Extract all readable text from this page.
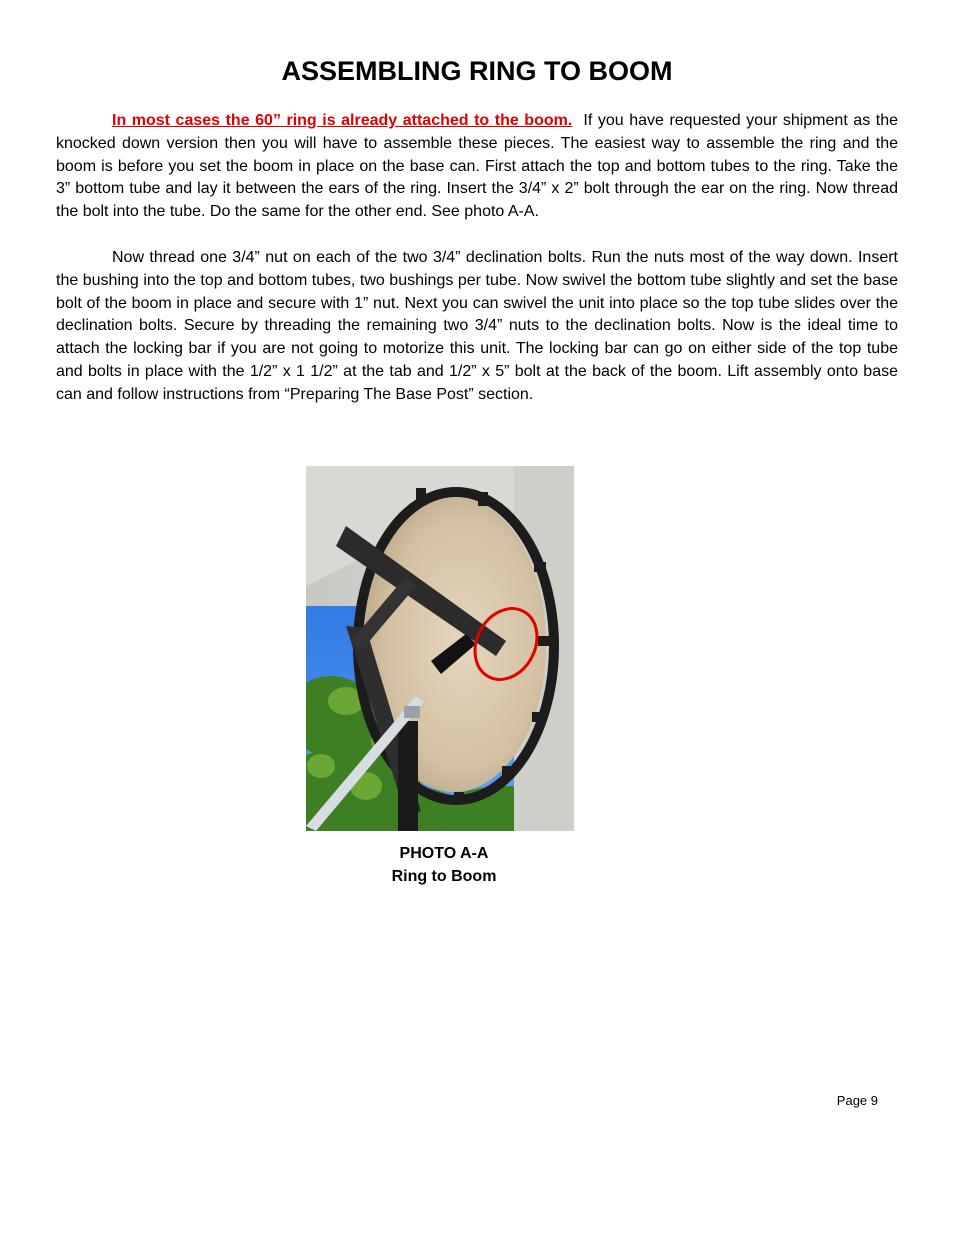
ASSEMBLING RING TO BOOM
In most cases the 60” ring is already attached to the boom. If you have requested your shipment as the knocked down version then you will have to assemble these pieces. The easiest way to assemble the ring and the boom is before you set the boom in place on the base can. First attach the top and bottom tubes to the ring. Take the 3” bottom tube and lay it between the ears of the ring. Insert the 3/4” x 2” bolt through the ear on the ring. Now thread the bolt into the tube. Do the same for the other end. See photo A-A.
Now thread one 3/4” nut on each of the two 3/4” declination bolts. Run the nuts most of the way down. Insert the bushing into the top and bottom tubes, two bushings per tube. Now swivel the bottom tube slightly and set the base bolt of the boom in place and secure with 1” nut. Next you can swivel the unit into place so the top tube slides over the declination bolts. Secure by threading the remaining two 3/4” nuts to the declination bolts. Now is the ideal time to attach the locking bar if you are not going to motorize this unit. The locking bar can go on either side of the top tube and bolts in place with the 1/2” x 1 1/2” at the tab and 1/2” x 5” bolt at the back of the boom. Lift assembly onto base can and follow instructions from “Preparing The Base Post” section.
PHOTO A-A
Ring to Boom
Page 9
